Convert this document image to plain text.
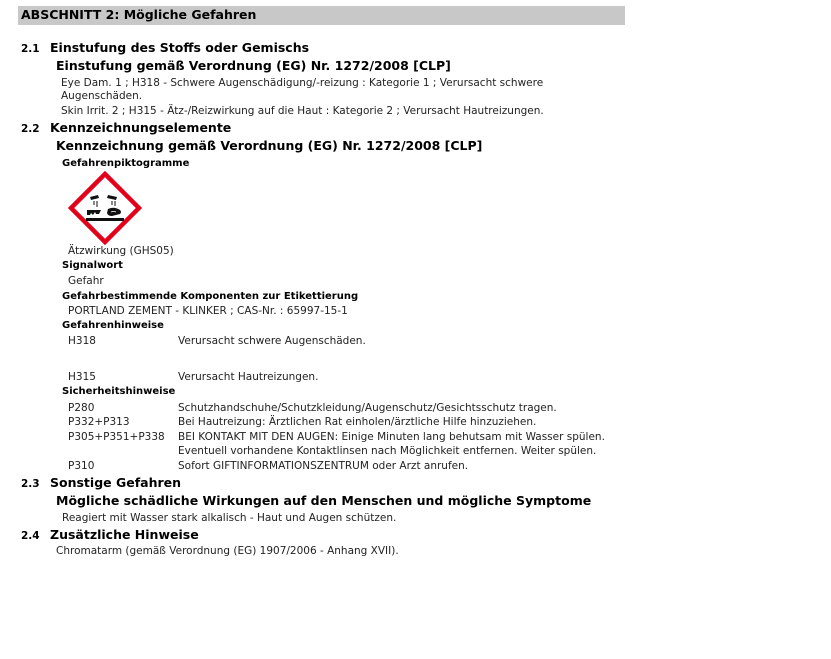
ABSCHNITT 2: Mögliche Gefahren
2.1 Einstufung des Stoffs oder Gemischs
Einstufung gemäß Verordnung (EG) Nr. 1272/2008 [CLP]
Eye Dam. 1 ; H318 - Schwere Augenschädigung/-reizung : Kategorie 1 ; Verursacht schwere
Augenschäden.
Skin Irrit. 2 ; H315 - Ätz-/Reizwirkung auf die Haut : Kategorie 2 ; Verursacht Hautreizungen.
2.2 Kennzeichnungselemente
Kennzeichnung gemäß Verordnung (EG) Nr. 1272/2008 [CLP]
Gefahrenpiktogramme
Ätzwirkung (GHS05)
Signalwort
Gefahr
Gefahrbestimmende Komponenten zur Etikettierung
PORTLAND ZEMENT - KLINKER ; CAS-Nr. : 65997-15-1
Gefahrenhinweise
H318	Verursacht schwere Augenschäden.
H315	Verursacht Hautreizungen.
Sicherheitshinweise
P280	Schutzhandschuhe/Schutzkleidung/Augenschutz/Gesichtsschutz tragen.
P332+P313	Bei Hautreizung: Ärztlichen Rat einholen/ärztliche Hilfe hinzuziehen.
P305+P351+P338 BEI KONTAKT MIT DEN AUGEN: Einige Minuten lang behutsam mit Wasser spülen.
Eventuell vorhandene Kontaktlinsen nach Möglichkeit entfernen. Weiter spülen.
P310	Sofort GIFTINFORMATIONSZENTRUM oder Arzt anrufen.
2.3 Sonstige Gefahren
Mögliche schädliche Wirkungen auf den Menschen und mögliche Symptome
Reagiert mit Wasser stark alkalisch - Haut und Augen schützen.
2.4 Zusätzliche Hinweise
Chromatarm (gemäß Verordnung (EG) 1907/2006 - Anhang XVII).
